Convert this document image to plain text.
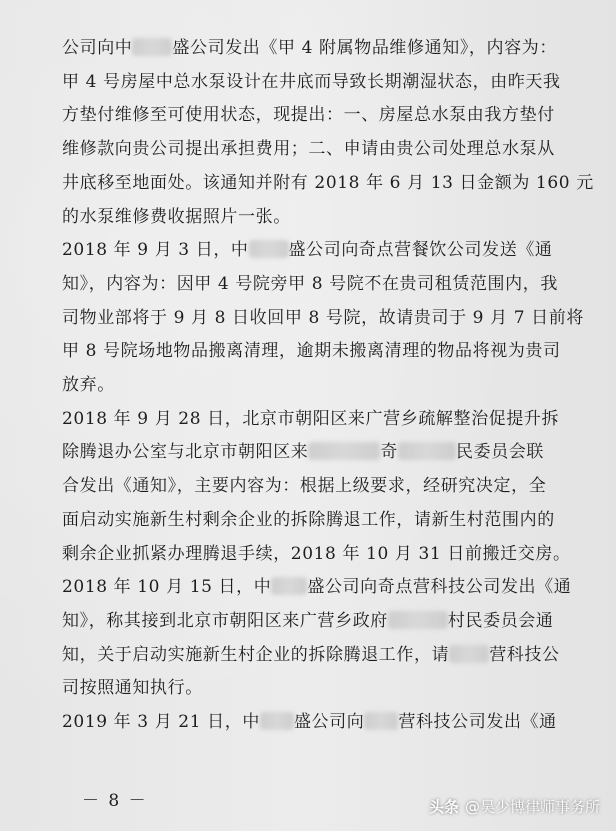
公司向中 盛公司发出《甲 4 附属物品维修通知》，内容为：
甲 4 号房屋中总水泵设计在井底而导致长期潮湿状态，由昨天我
方垫付维修至可使用状态，现提出：一、房屋总水泵由我方垫付
维修款向贵公司提出承担费用；二、申请由贵公司处理总水泵从
井底移至地面处。该通知并附有 2018 年 6 月 13 日金额为 160 元
的水泵维修费收据照片一张。
2018 年 9 月 3 日，中 盛公司向奇点营餐饮公司发送《通
知》，内容为：因甲 4 号院旁甲 8 号院不在贵司租赁范围内，我
司物业部将于 9 月 8 日收回甲 8 号院，故请贵司于 9 月 7 日前将
甲 8 号院场地物品搬离清理，逾期未搬离清理的物品将视为贵司
放弃。
2018 年 9 月 28 日，北京市朝阳区来广营乡疏解整治促提升拆
除腾退办公室与北京市朝阳区来	奇	民委员会联
合发出《通知》，主要内容为：根据上级要求，经研究决定，全
面启动实施新生村剩余企业的拆除腾退工作，请新生村范围内的
剩余企业抓紧办理腾退手续，2018 年 10 月 31 日前搬迁交房。
2018 年 10 月 15 日，中 盛公司向奇点营科技公司发出《通
知》，称其接到北京市朝阳区来广营乡政府	村民委员会通
知，关于启动实施新生村企业的拆除腾退工作，请 营科技公
司按照通知执行。
－ 8 －	头条 @吴少博律师事务所
2019 年 3 月 21 日，中 盛公司向 营科技公司发出《通
